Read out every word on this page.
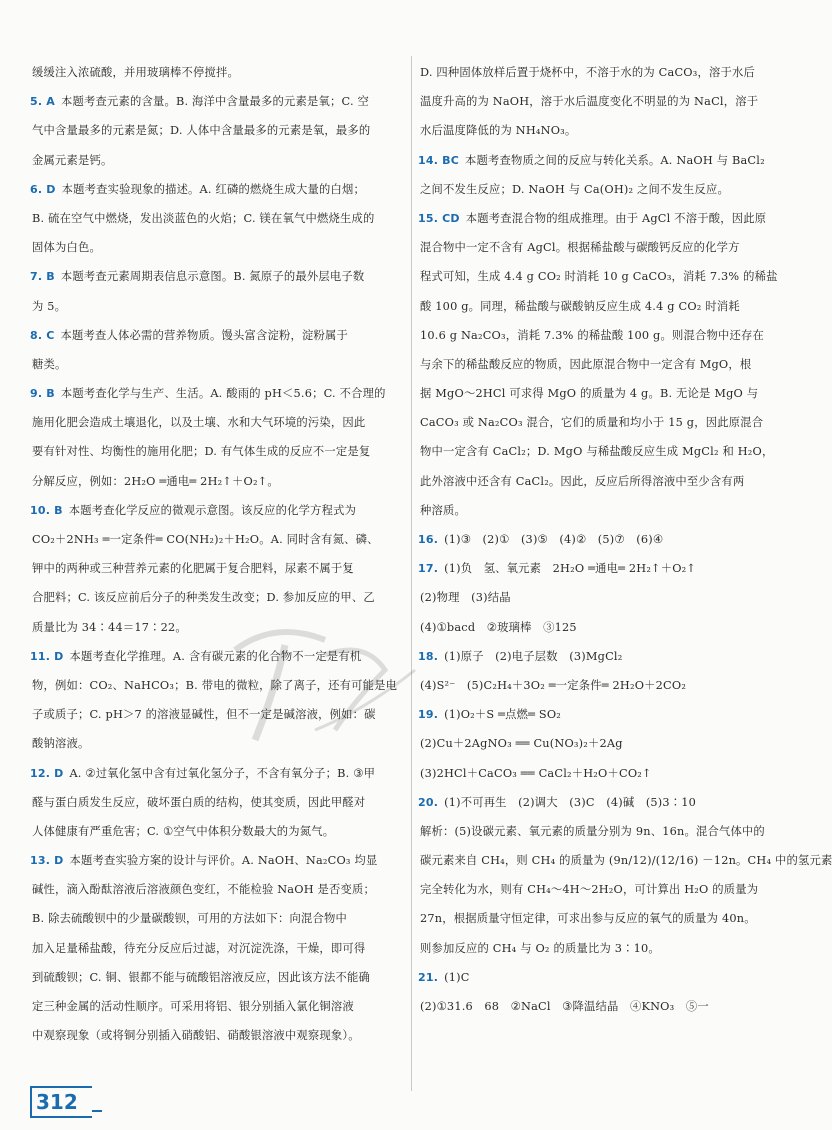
缓缓注入浓硫酸，并用玻璃棒不停搅拌。

5. A 本题考查元素的含量。B. 海洋中含量最多的元素是氧；C. 空

气中含量最多的元素是氮；D. 人体中含量最多的元素是氧，最多的

金属元素是钙。

6. D 本题考查实验现象的描述。A. 红磷的燃烧生成大量的白烟；

B. 硫在空气中燃烧，发出淡蓝色的火焰；C. 镁在氧气中燃烧生成的

固体为白色。

7. B 本题考查元素周期表信息示意图。B. 氮原子的最外层电子数

为 5。

8. C 本题考查人体必需的营养物质。馒头富含淀粉，淀粉属于

糖类。

9. B 本题考查化学与生产、生活。A. 酸雨的 pH＜5.6；C. 不合理的

施用化肥会造成土壤退化，以及土壤、水和大气环境的污染，因此

要有针对性、均衡性的施用化肥；D. 有气体生成的反应不一定是复

分解反应，例如：2H₂O ═通电═ 2H₂↑＋O₂↑。

10. B 本题考查化学反应的微观示意图。该反应的化学方程式为

CO₂＋2NH₃ ═一定条件═ CO(NH₂)₂＋H₂O。A. 同时含有氮、磷、

钾中的两种或三种营养元素的化肥属于复合肥料，尿素不属于复

合肥料；C. 该反应前后分子的种类发生改变；D. 参加反应的甲、乙

质量比为 34∶44＝17∶22。

11. D 本题考查化学推理。A. 含有碳元素的化合物不一定是有机

物，例如：CO₂、NaHCO₃；B. 带电的微粒，除了离子，还有可能是电

子或质子；C. pH＞7 的溶液显碱性，但不一定是碱溶液，例如：碳

酸钠溶液。

12. D A. ②过氧化氢中含有过氧化氢分子，不含有氧分子；B. ③甲

醛与蛋白质发生反应，破坏蛋白质的结构，使其变质，因此甲醛对

人体健康有严重危害；C. ①空气中体积分数最大的为氮气。

13. D 本题考查实验方案的设计与评价。A. NaOH、Na₂CO₃ 均显

碱性，滴入酚酞溶液后溶液颜色变红，不能检验 NaOH 是否变质；

B. 除去硫酸钡中的少量碳酸钡，可用的方法如下：向混合物中

加入足量稀盐酸，待充分反应后过滤，对沉淀洗涤，干燥，即可得

到硫酸钡；C. 铜、银都不能与硫酸铝溶液反应，因此该方法不能确

定三种金属的活动性顺序。可采用将铝、银分别插入氯化铜溶液

中观察现象（或将铜分别插入硝酸铝、硝酸银溶液中观察现象）。

D. 四种固体放样后置于烧杯中，不溶于水的为 CaCO₃，溶于水后

温度升高的为 NaOH，溶于水后温度变化不明显的为 NaCl，溶于

水后温度降低的为 NH₄NO₃。

14. BC 本题考查物质之间的反应与转化关系。A. NaOH 与 BaCl₂

之间不发生反应；D. NaOH 与 Ca(OH)₂ 之间不发生反应。

15. CD 本题考查混合物的组成推理。由于 AgCl 不溶于酸，因此原

混合物中一定不含有 AgCl。根据稀盐酸与碳酸钙反应的化学方

程式可知，生成 4.4 g CO₂ 时消耗 10 g CaCO₃，消耗 7.3% 的稀盐

酸 100 g。同理，稀盐酸与碳酸钠反应生成 4.4 g CO₂ 时消耗

10.6 g Na₂CO₃，消耗 7.3% 的稀盐酸 100 g。则混合物中还存在

与余下的稀盐酸反应的物质，因此原混合物中一定含有 MgO，根

据 MgO～2HCl 可求得 MgO 的质量为 4 g。B. 无论是 MgO 与

CaCO₃ 或 Na₂CO₃ 混合，它们的质量和均小于 15 g，因此原混合

物中一定含有 CaCl₂；D. MgO 与稀盐酸反应生成 MgCl₂ 和 H₂O，

此外溶液中还含有 CaCl₂。因此，反应后所得溶液中至少含有两

种溶质。

16. (1)③　(2)①　(3)⑤　(4)②　(5)⑦　(6)④

17. (1)负　氢、氧元素　2H₂O ═通电═ 2H₂↑＋O₂↑

(2)物理　(3)结晶

(4)①bacd　②玻璃棒　③125

18. (1)原子　(2)电子层数　(3)MgCl₂

(4)S²⁻　(5)C₂H₄＋3O₂ ═一定条件═ 2H₂O＋2CO₂

19. (1)O₂＋S ═点燃═ SO₂

(2)Cu＋2AgNO₃ ══ Cu(NO₃)₂＋2Ag

(3)2HCl＋CaCO₃ ══ CaCl₂＋H₂O＋CO₂↑

20. (1)不可再生　(2)调大　(3)C　(4)碱　(5)3∶10

解析：(5)设碳元素、氧元素的质量分别为 9n、16n。混合气体中的

碳元素来自 CH₄，则 CH₄ 的质量为 (9n/12)/(12/16) －12n。CH₄ 中的氢元素

完全转化为水，则有 CH₄～4H～2H₂O，可计算出 H₂O 的质量为

27n，根据质量守恒定律，可求出参与反应的氧气的质量为 40n。

则参加反应的 CH₄ 与 O₂ 的质量比为 3∶10。

21. (1)C

(2)①31.6　68　②NaCl　③降温结晶　④KNO₃　⑤一

312
